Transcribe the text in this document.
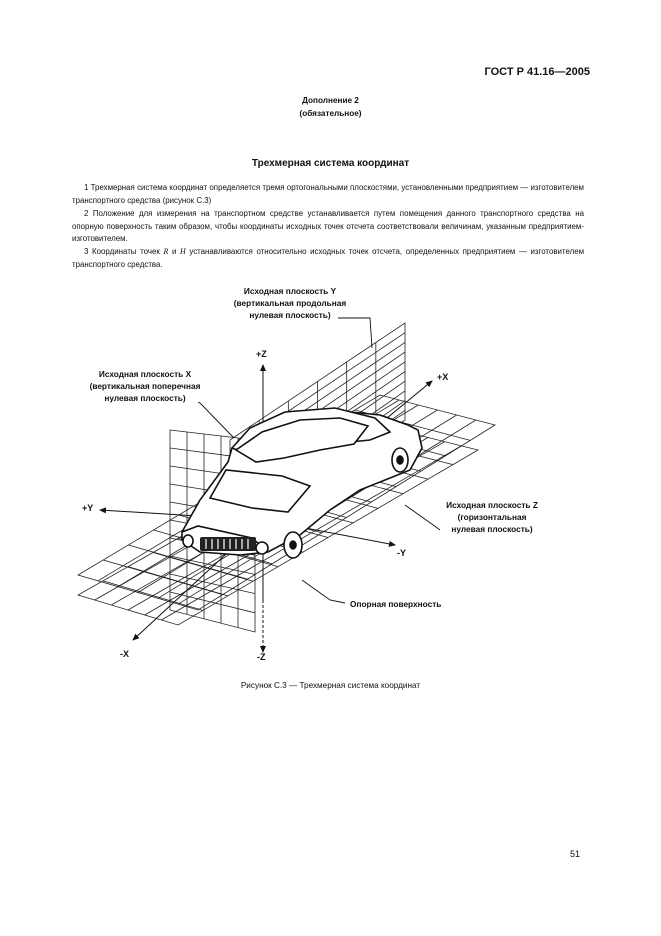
ГОСТ Р 41.16—2005
Дополнение 2
(обязательное)
Трехмерная система координат

1 Трехмерная система координат определяется тремя ортогональными плоскостями, установленными предприятием — изготовителем транспортного средства (рисунок С.3)

2 Положение для измерения на транспортном средстве устанавливается путем помещения данного транспортного средства на опорную поверхность таким образом, чтобы координаты исходных точек отсчета соответствовали величинам, указанным предприятием-изготовителем.

3 Координаты точек R и H устанавливаются относительно исходных точек отсчета, определенных предприятием — изготовителем транспортного средства.

Исходная плоскость Y
(вертикальная продольная
нулевая плоскость)
Исходная плоскость X
(вертикальная поперечная
нулевая плоскость)
Исходная плоскость Z
(горизонтальная
нулевая плоскость)
Опорная поверхность
+Z
-Z
+X
-X
+Y
-Y
Рисунок С.3 — Трехмерная система координат
51
